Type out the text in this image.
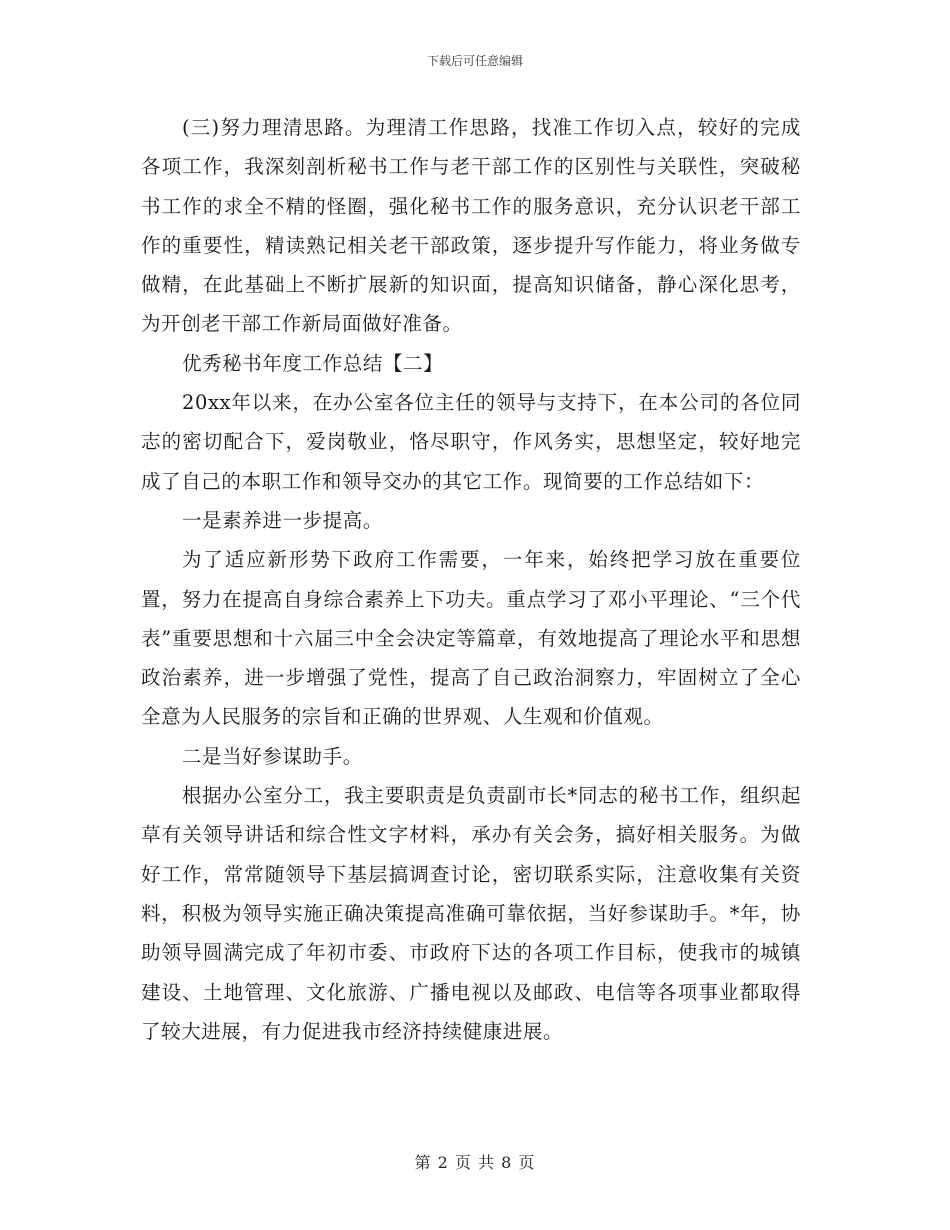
下载后可任意编辑

(三)努力理清思路。为理清工作思路，找准工作切入点，较好的完成各项工作，我深刻剖析秘书工作与老干部工作的区别性与关联性，突破秘书工作的求全不精的怪圈，强化秘书工作的服务意识，充分认识老干部工作的重要性，精读熟记相关老干部政策，逐步提升写作能力，将业务做专做精，在此基础上不断扩展新的知识面，提高知识储备，静心深化思考，为开创老干部工作新局面做好准备。

优秀秘书年度工作总结【二】

20xx年以来，在办公室各位主任的领导与支持下，在本公司的各位同志的密切配合下，爱岗敬业，恪尽职守，作风务实，思想坚定，较好地完成了自己的本职工作和领导交办的其它工作。现简要的工作总结如下：

一是素养进一步提高。

为了适应新形势下政府工作需要，一年来，始终把学习放在重要位置，努力在提高自身综合素养上下功夫。重点学习了邓小平理论、“三个代表”重要思想和十六届三中全会决定等篇章，有效地提高了理论水平和思想政治素养，进一步增强了党性，提高了自己政治洞察力，牢固树立了全心全意为人民服务的宗旨和正确的世界观、人生观和价值观。

二是当好参谋助手。

根据办公室分工，我主要职责是负责副市长*同志的秘书工作，组织起草有关领导讲话和综合性文字材料，承办有关会务，搞好相关服务。为做好工作，常常随领导下基层搞调查讨论，密切联系实际，注意收集有关资料，积极为领导实施正确决策提高准确可靠依据，当好参谋助手。*年，协助领导圆满完成了年初市委、市政府下达的各项工作目标，使我市的城镇 建设、土地管理、文化旅游、广播电视以及邮政、电信等各项事业都取得了较大进展，有力促进我市经济持续健康进展。

第 2 页 共 8 页
